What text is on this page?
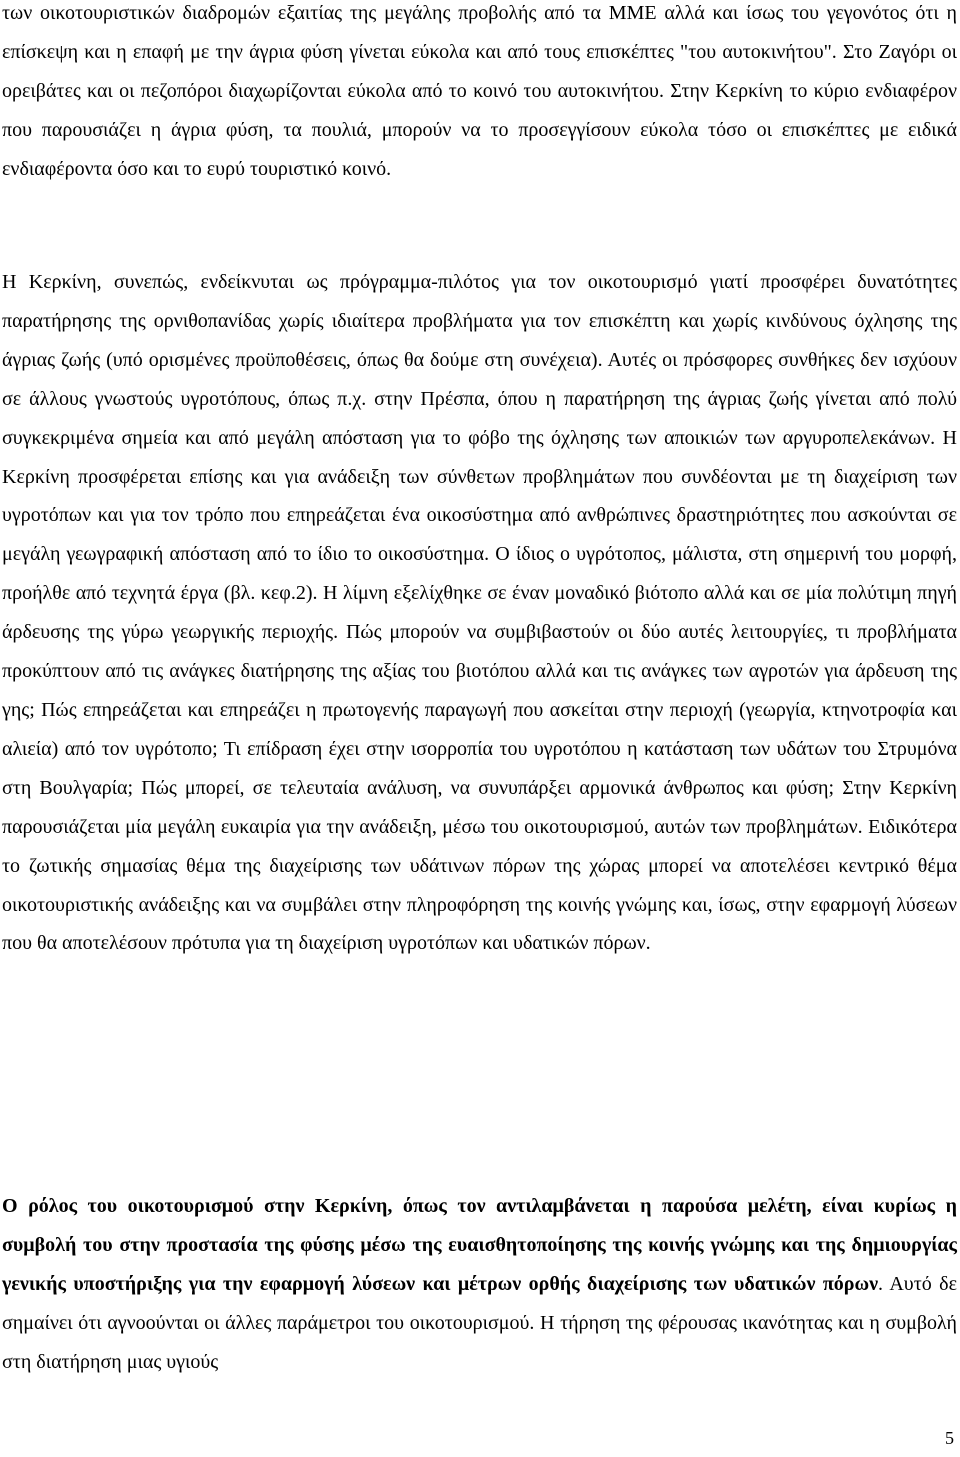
των οικοτουριστικών διαδρομών εξαιτίας της μεγάλης προβολής από τα ΜΜΕ αλλά και ίσως του γεγονότος ότι η επίσκεψη και η επαφή με την άγρια φύση γίνεται εύκολα και από τους επισκέπτες "του αυτοκινήτου". Στο Ζαγόρι οι ορειβάτες και οι πεζοπόροι διαχωρίζονται εύκολα από το κοινό του αυτοκινήτου. Στην Κερκίνη το κύριο ενδιαφέρον που παρουσιάζει η άγρια φύση, τα πουλιά, μπορούν να το προσεγγίσουν εύκολα τόσο οι επισκέπτες με ειδικά ενδιαφέροντα όσο και το ευρύ τουριστικό κοινό.

Η Κερκίνη, συνεπώς, ενδείκνυται ως πρόγραμμα-πιλότος για τον οικοτουρισμό γιατί προσφέρει δυνατότητες παρατήρησης της ορνιθοπανίδας χωρίς ιδιαίτερα προβλήματα για τον επισκέπτη και χωρίς κινδύνους όχλησης της άγριας ζωής (υπό ορισμένες προϋποθέσεις, όπως θα δούμε στη συνέχεια). Αυτές οι πρόσφορες συνθήκες δεν ισχύουν σε άλλους γνωστούς υγροτόπους, όπως π.χ. στην Πρέσπα, όπου η παρατήρηση της άγριας ζωής γίνεται από πολύ συγκεκριμένα σημεία και από μεγάλη απόσταση για το φόβο της όχλησης των αποικιών των αργυροπελεκάνων. Η Κερκίνη προσφέρεται επίσης και για ανάδειξη των σύνθετων προβλημάτων που συνδέονται με τη διαχείριση των υγροτόπων και για τον τρόπο που επηρεάζεται ένα οικοσύστημα από ανθρώπινες δραστηριότητες που ασκούνται σε μεγάλη γεωγραφική απόσταση από το ίδιο το οικοσύστημα. Ο ίδιος ο υγρότοπος, μάλιστα, στη σημερινή του μορφή, προήλθε από τεχνητά έργα (βλ. κεφ.2). Η λίμνη εξελίχθηκε σε έναν μοναδικό βιότοπο αλλά και σε μία πολύτιμη πηγή άρδευσης της γύρω γεωργικής περιοχής. Πώς μπορούν να συμβιβαστούν οι δύο αυτές λειτουργίες, τι προβλήματα προκύπτουν από τις ανάγκες διατήρησης της αξίας του βιοτόπου αλλά και τις ανάγκες των αγροτών για άρδευση της γης; Πώς επηρεάζεται και επηρεάζει η πρωτογενής παραγωγή που ασκείται στην περιοχή (γεωργία, κτηνοτροφία και αλιεία) από τον υγρότοπο; Τι επίδραση έχει στην ισορροπία του υγροτόπου η κατάσταση των υδάτων του Στρυμόνα στη Βουλγαρία; Πώς μπορεί, σε τελευταία ανάλυση, να συνυπάρξει αρμονικά άνθρωπος και φύση; Στην Κερκίνη παρουσιάζεται μία μεγάλη ευκαιρία για την ανάδειξη, μέσω του οικοτουρισμού, αυτών των προβλημάτων. Ειδικότερα το ζωτικής σημασίας θέμα της διαχείρισης των υδάτινων πόρων της χώρας μπορεί να αποτελέσει κεντρικό θέμα οικοτουριστικής ανάδειξης και να συμβάλει στην πληροφόρηση της κοινής γνώμης και, ίσως, στην εφαρμογή λύσεων που θα αποτελέσουν πρότυπα για τη διαχείριση υγροτόπων και υδατικών πόρων.

Ο ρόλος του οικοτουρισμού στην Κερκίνη, όπως τον αντιλαμβάνεται η παρούσα μελέτη, είναι κυρίως η συμβολή του στην προστασία της φύσης μέσω της ευαισθητοποίησης της κοινής γνώμης και της δημιουργίας γενικής υποστήριξης για την εφαρμογή λύσεων και μέτρων ορθής διαχείρισης των υδατικών πόρων. Αυτό δε σημαίνει ότι αγνοούνται οι άλλες παράμετροι του οικοτουρισμού. Η τήρηση της φέρουσας ικανότητας και η συμβολή στη διατήρηση μιας υγιούς

5
